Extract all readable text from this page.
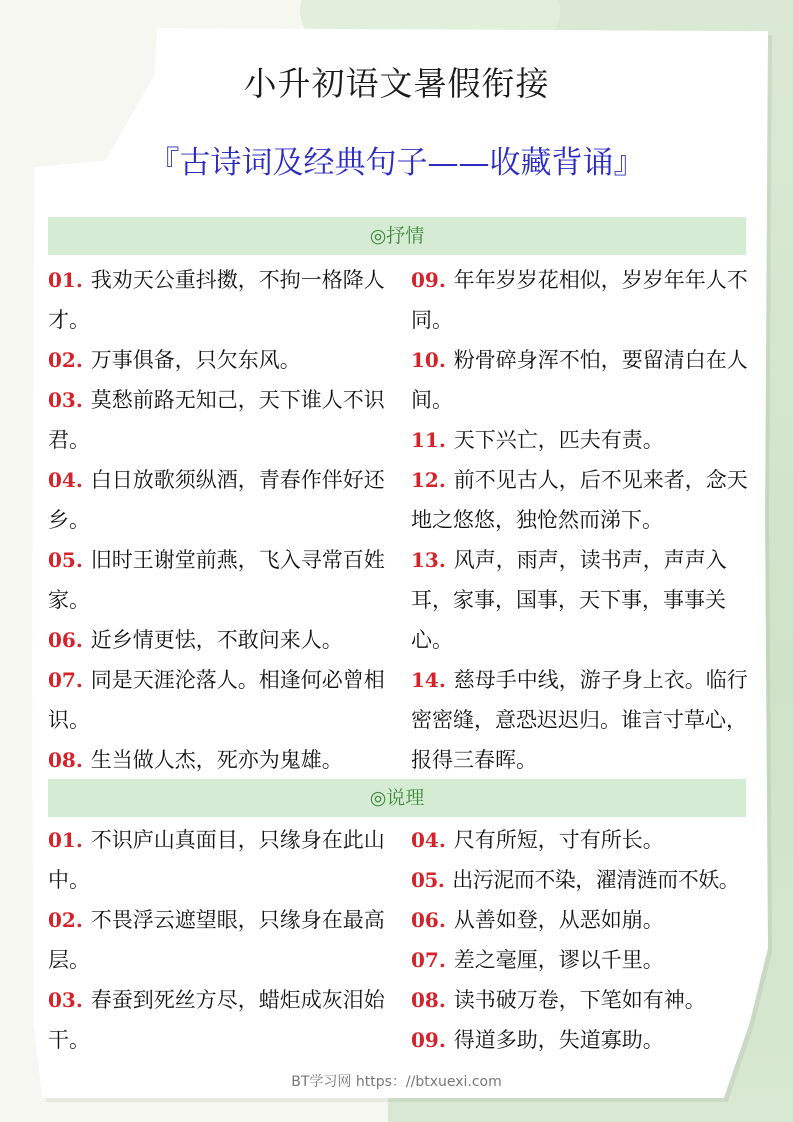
小升初语文暑假衔接
『古诗词及经典句子——收藏背诵』
◎抒情
01. 我劝天公重抖擞，不拘一格降人才。
02. 万事俱备，只欠东风。
03. 莫愁前路无知己，天下谁人不识君。
04. 白日放歌须纵酒，青春作伴好还乡。
05. 旧时王谢堂前燕，飞入寻常百姓家。
06. 近乡情更怯，不敢问来人。
07. 同是天涯沦落人。相逢何必曾相识。
08. 生当做人杰，死亦为鬼雄。
09. 年年岁岁花相似，岁岁年年人不同。
10. 粉骨碎身浑不怕，要留清白在人间。
11. 天下兴亡，匹夫有责。
12. 前不见古人，后不见来者，念天地之悠悠，独怆然而涕下。
13. 风声，雨声，读书声，声声入耳，家事，国事，天下事，事事关心。
14. 慈母手中线，游子身上衣。临行密密缝，意恐迟迟归。谁言寸草心，报得三春晖。
◎说理
01. 不识庐山真面目，只缘身在此山中。
02. 不畏浮云遮望眼，只缘身在最高层。
03. 春蚕到死丝方尽，蜡炬成灰泪始干。
04. 尺有所短，寸有所长。
05. 出污泥而不染，濯清涟而不妖。
06. 从善如登，从恶如崩。
07. 差之毫厘，谬以千里。
08. 读书破万卷，下笔如有神。
09. 得道多助，失道寡助。
BT学习网 https：//btxuexi.com
